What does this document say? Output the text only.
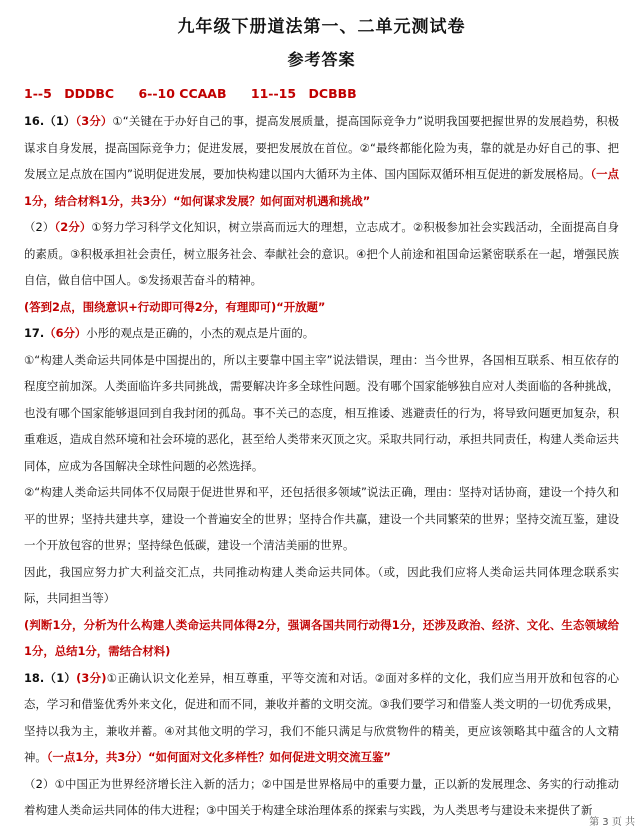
九年级下册道法第一、二单元测试卷
参考答案
1--5　DDDBC 6--10 CCAAB 11--15　DCBBB

16.（1）（3分）①“关键在于办好自己的事，提高发展质量，提高国际竞争力”说明我国要把握世界的发展趋势，积极谋求自身发展，提高国际竞争力；促进发展，要把发展放在首位。②“最终都能化险为夷，靠的就是办好自己的事、把发展立足点放在国内”说明促进发展，要加快构建以国内大循环为主体、国内国际双循环相互促进的新发展格局。（一点1分，结合材料1分，共3分）“如何谋求发展？如何面对机遇和挑战”

（2）（2分）①努力学习科学文化知识，树立崇高而远大的理想，立志成才。②积极参加社会实践活动，全面提高自身的素质。③积极承担社会责任，树立服务社会、奉献社会的意识。④把个人前途和祖国命运紧密联系在一起，增强民族自信，做自信中国人。⑤发扬艰苦奋斗的精神。

(答到2点，围绕意识+行动即可得2分，有理即可)“开放题”

17.（6分）小彤的观点是正确的，小杰的观点是片面的。

①“构建人类命运共同体是中国提出的，所以主要靠中国主宰”说法错误，理由：当今世界，各国相互联系、相互依存的程度空前加深。人类面临许多共同挑战，需要解决许多全球性问题。没有哪个国家能够独自应对人类面临的各种挑战，也没有哪个国家能够退回到自我封闭的孤岛。事不关己的态度，相互推诿、逃避责任的行为，将导致问题更加复杂，积重难返，造成自然环境和社会环境的恶化，甚至给人类带来灭顶之灾。采取共同行动，承担共同责任，构建人类命运共同体，应成为各国解决全球性问题的必然选择。

②“构建人类命运共同体不仅局限于促进世界和平，还包括很多领域”说法正确，理由：坚持对话协商，建设一个持久和平的世界；坚持共建共享，建设一个普遍安全的世界；坚持合作共赢，建设一个共同繁荣的世界；坚持交流互鉴，建设一个开放包容的世界；坚持绿色低碳，建设一个清洁美丽的世界。

因此，我国应努力扩大利益交汇点，共同推动构建人类命运共同体。（或，因此我们应将人类命运共同体理念联系实际，共同担当等）

(判断1分，分析为什么构建人类命运共同体得2分，强调各国共同行动得1分，还涉及政治、经济、文化、生态领域给1分，总结1分，需结合材料)

18.（1）(3分)①正确认识文化差异，相互尊重，平等交流和对话。②面对多样的文化，我们应当用开放和包容的心态，学习和借鉴优秀外来文化，促进和而不同，兼收并蓄的文明交流。③我们要学习和借鉴人类文明的一切优秀成果，坚持以我为主，兼收并蓄。④对其他文明的学习，我们不能只满足与欣赏物件的精美，更应该领略其中蕴含的人文精神。（一点1分，共3分）“如何面对文化多样性？如何促进文明交流互鉴”

（2）①中国正为世界经济增长注入新的活力；②中国是世界格局中的重要力量，正以新的发展理念、务实的行动推动着构建人类命运共同体的伟大进程；③中国关于构建全球治理体系的探索与实践，为人类思考与建设未来提供了新

第 3 页 共
